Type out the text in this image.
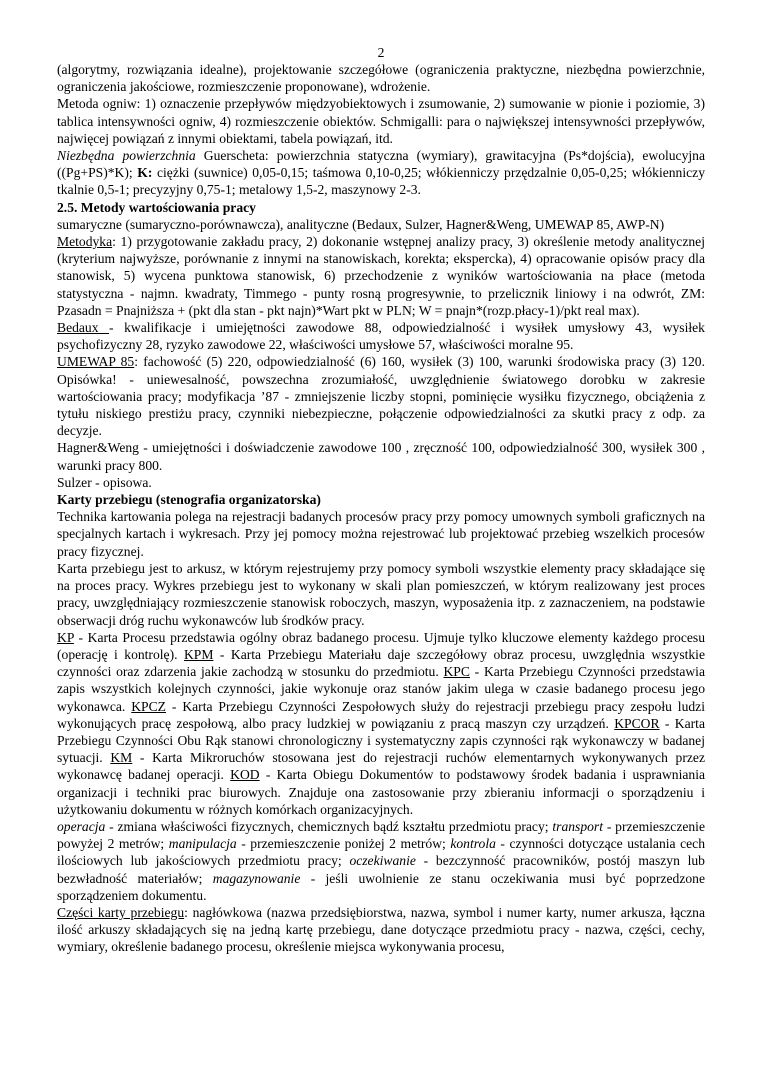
2

(algorytmy, rozwiązania idealne), projektowanie szczegółowe (ograniczenia praktyczne, niezbędna powierzchnie, ograniczenia jakościowe, rozmieszczenie proponowane), wdrożenie.

Metoda ogniw: 1) oznaczenie przepływów międzyobiektowych i zsumowanie, 2) sumowanie w pionie i poziomie, 3) tablica intensywności ogniw, 4) rozmieszczenie obiektów. Schmigalli: para o największej intensywności przepływów, najwięcej powiązań z innymi obiektami, tabela powiązań, itd.

Niezbędna powierzchnia Guerscheta: powierzchnia statyczna (wymiary), grawitacyjna (Ps*dojścia), ewolucyjna ((Pg+PS)*K); K: ciężki (suwnice) 0,05-0,15; taśmowa 0,10-0,25; włókienniczy przędzalnie 0,05-0,25; włókienniczy tkalnie 0,5-1; precyzyjny 0,75-1; metalowy 1,5-2, maszynowy 2-3.

2.5. Metody wartościowania pracy

sumaryczne (sumaryczno-porównawcza), analityczne (Bedaux, Sulzer, Hagner&Weng, UMEWAP 85, AWP-N)

Metodyka: 1) przygotowanie zakładu pracy, 2) dokonanie wstępnej analizy pracy, 3) określenie metody analitycznej (kryterium najwyższe, porównanie z innymi na stanowiskach, korekta; ekspercka), 4) opracowanie opisów pracy dla stanowisk, 5) wycena punktowa stanowisk, 6) przechodzenie z wyników wartościowania na płace (metoda statystyczna - najmn. kwadraty, Timmego - punty rosną progresywnie, to przelicznik liniowy i na odwrót, ZM: Pzasadn = Pnajniższa + (pkt dla stan - pkt najn)*Wart pkt w PLN; W = pnajn*(rozp.płacy-1)/pkt real max).

Bedaux - kwalifikacje i umiejętności zawodowe 88, odpowiedzialność i wysiłek umysłowy 43, wysiłek psychofizyczny 28, ryzyko zawodowe 22, właściwości umysłowe 57, właściwości moralne 95.

UMEWAP 85: fachowość (5) 220, odpowiedzialność (6) 160, wysiłek (3) 100, warunki środowiska pracy (3) 120. Opisówka! - uniewesalność, powszechna zrozumiałość, uwzględnienie światowego dorobku w zakresie wartościowania pracy; modyfikacja ’87 - zmniejszenie liczby stopni, pominięcie wysiłku fizycznego, obciążenia z tytułu niskiego prestiżu pracy, czynniki niebezpieczne, połączenie odpowiedzialności za skutki pracy z odp. za decyzje.

Hagner&Weng - umiejętności i doświadczenie zawodowe 100 , zręczność 100, odpowiedzialność 300, wysiłek 300 , warunki pracy 800.

Sulzer - opisowa.

Karty przebiegu (stenografia organizatorska)

Technika kartowania polega na rejestracji badanych procesów pracy przy pomocy umownych symboli graficznych na specjalnych kartach i wykresach. Przy jej pomocy można rejestrować lub projektować przebieg wszelkich procesów pracy fizycznej.

Karta przebiegu jest to arkusz, w którym rejestrujemy przy pomocy symboli wszystkie elementy pracy składające się na proces pracy. Wykres przebiegu jest to wykonany w skali plan pomieszczeń, w którym realizowany jest proces pracy, uwzględniający rozmieszczenie stanowisk roboczych, maszyn, wyposażenia itp. z zaznaczeniem, na podstawie obserwacji dróg ruchu wykonawców lub środków pracy.

KP - Karta Procesu przedstawia ogólny obraz badanego procesu. Ujmuje tylko kluczowe elementy każdego procesu (operację i kontrolę). KPM - Karta Przebiegu Materiału daje szczegółowy obraz procesu, uwzględnia wszystkie czynności oraz zdarzenia jakie zachodzą w stosunku do przedmiotu. KPC - Karta Przebiegu Czynności przedstawia zapis wszystkich kolejnych czynności, jakie wykonuje oraz stanów jakim ulega w czasie badanego procesu jego wykonawca. KPCZ - Karta Przebiegu Czynności Zespołowych służy do rejestracji przebiegu pracy zespołu ludzi wykonujących pracę zespołową, albo pracy ludzkiej w powiązaniu z pracą maszyn czy urządzeń. KPCOR - Karta Przebiegu Czynności Obu Rąk stanowi chronologiczny i systematyczny zapis czynności rąk wykonawczy w badanej sytuacji. KM - Karta Mikroruchów stosowana jest do rejestracji ruchów elementarnych wykonywanych przez wykonawcę badanej operacji. KOD - Karta Obiegu Dokumentów to podstawowy środek badania i usprawniania organizacji i techniki prac biurowych. Znajduje ona zastosowanie przy zbieraniu informacji o sporządzeniu i użytkowaniu dokumentu w różnych komórkach organizacyjnych.

operacja - zmiana właściwości fizycznych, chemicznych bądź kształtu przedmiotu pracy; transport - przemieszczenie powyżej 2 metrów; manipulacja - przemieszczenie poniżej 2 metrów; kontrola - czynności dotyczące ustalania cech ilościowych lub jakościowych przedmiotu pracy; oczekiwanie - bezczynność pracowników, postój maszyn lub bezwładność materiałów; magazynowanie - jeśli uwolnienie ze stanu oczekiwania musi być poprzedzone sporządzeniem dokumentu.

Części karty przebiegu: nagłówkowa (nazwa przedsiębiorstwa, nazwa, symbol i numer karty, numer arkusza, łączna ilość arkuszy składających się na jedną kartę przebiegu, dane dotyczące przedmiotu pracy - nazwa, części, cechy, wymiary, określenie badanego procesu, określenie miejsca wykonywania procesu,
